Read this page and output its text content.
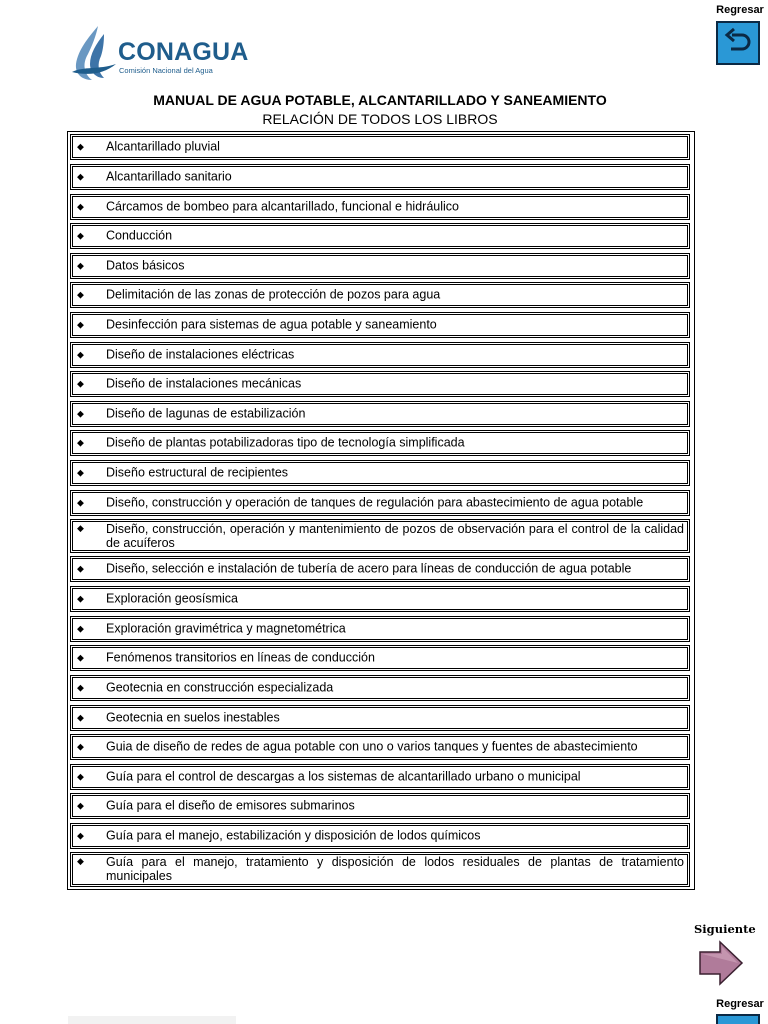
CONAGUA
Comisión Nacional del Agua
Regresar
MANUAL DE AGUA POTABLE, ALCANTARILLADO Y SANEAMIENTO
RELACIÓN DE TODOS LOS LIBROS
◆ Alcantarillado pluvial
◆ Alcantarillado sanitario
◆ Cárcamos de bombeo para alcantarillado, funcional e hidráulico
◆ Conducción
◆ Datos básicos
◆ Delimitación de las zonas de protección de pozos para agua
◆ Desinfección para sistemas de agua potable y saneamiento
◆ Diseño de instalaciones eléctricas
◆ Diseño de instalaciones mecánicas
◆ Diseño de lagunas de estabilización
◆ Diseño de plantas potabilizadoras tipo de tecnología simplificada
◆ Diseño estructural de recipientes
◆ Diseño, construcción y operación de tanques de regulación para abastecimiento de agua potable
◆ Diseño, construcción, operación y mantenimiento de pozos de observación para el control de la calidad de acuíferos
◆ Diseño, selección e instalación de tubería de acero para líneas de conducción de agua potable
◆ Exploración geosísmica
◆ Exploración gravimétrica y magnetométrica
◆ Fenómenos transitorios en líneas de conducción
◆ Geotecnia en construcción especializada
◆ Geotecnia en suelos inestables
◆ Guia de diseño de redes de agua potable con uno o varios tanques y fuentes de abastecimiento
◆ Guía para el control de descargas a los sistemas de alcantarillado urbano o municipal
◆ Guía para el diseño de emisores submarinos
◆ Guía para el manejo, estabilización y disposición de lodos químicos
◆ Guía para el manejo, tratamiento y disposición de lodos residuales de plantas de tratamiento municipales
Siguiente
Regresar
